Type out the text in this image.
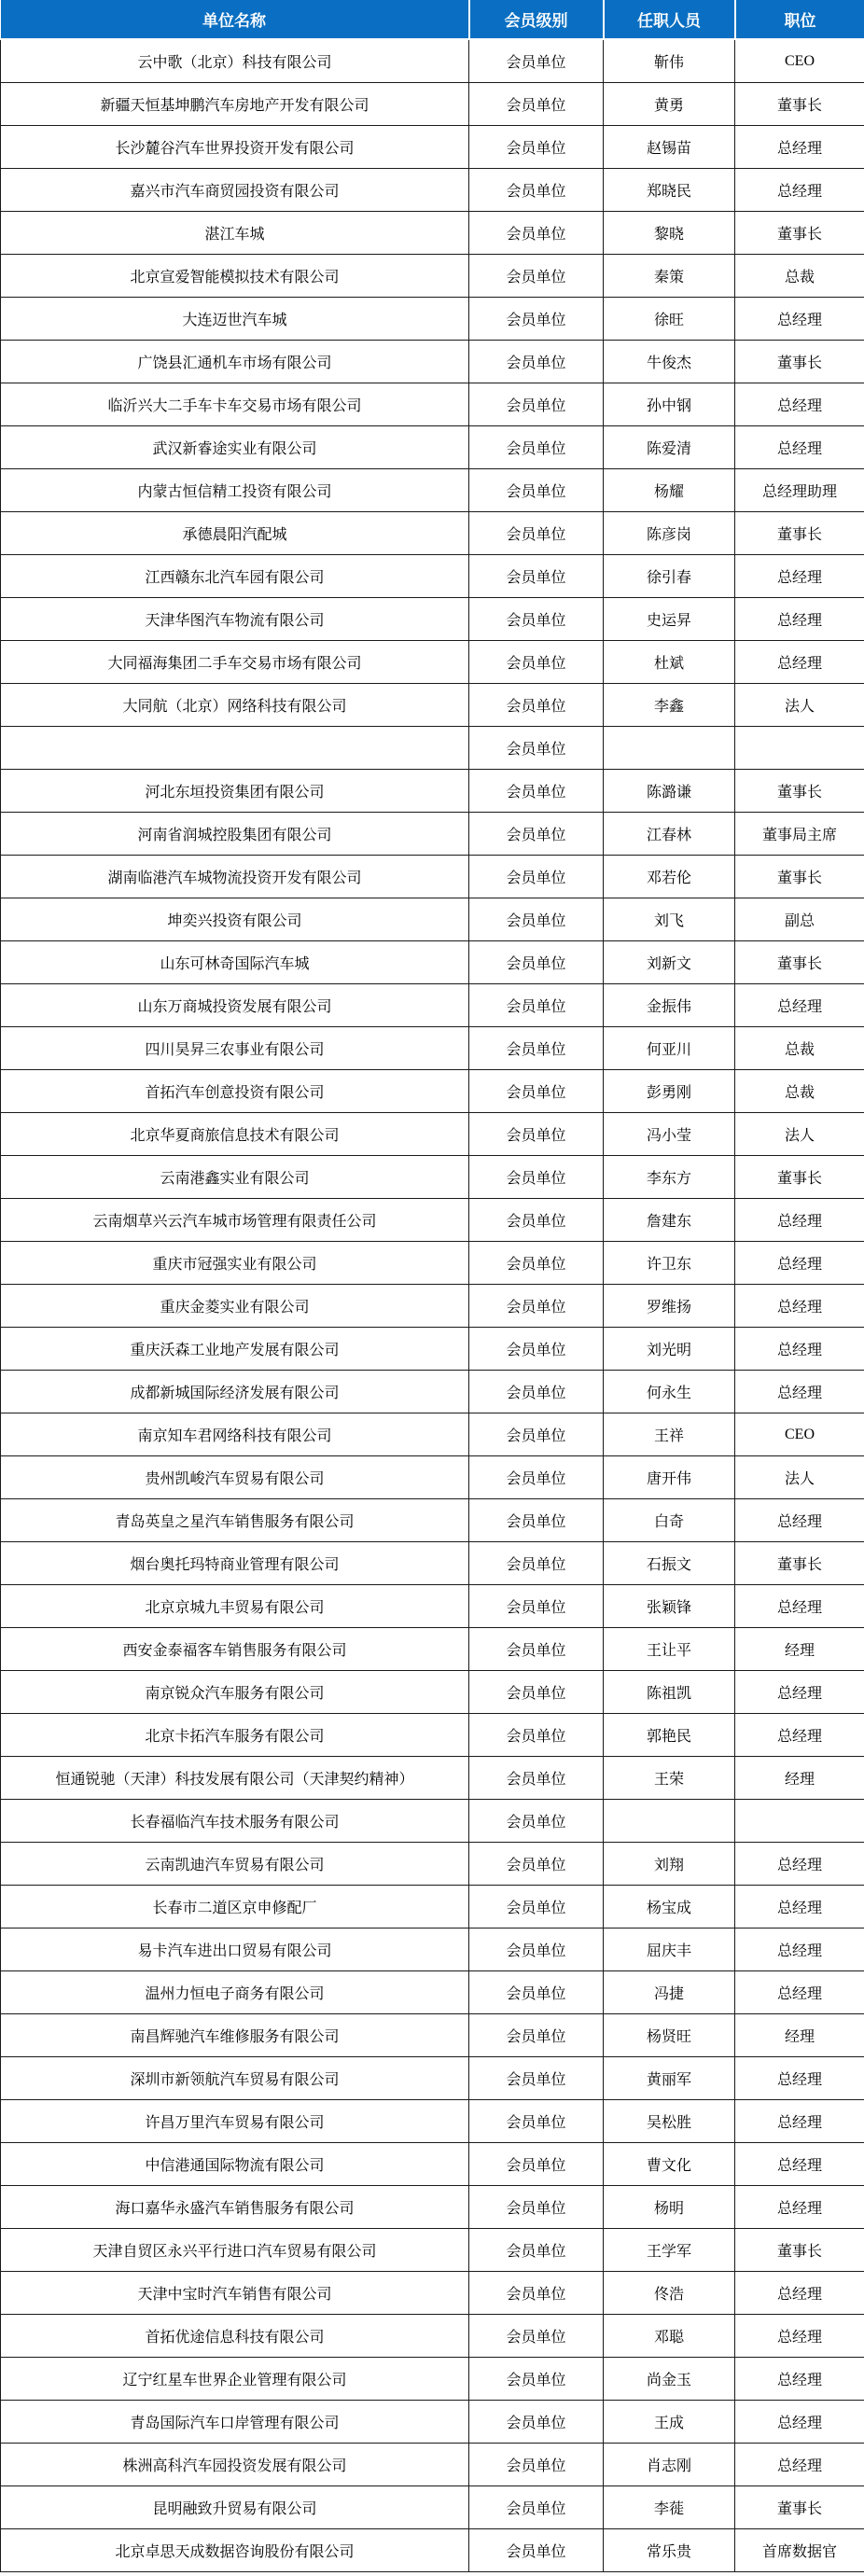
单位名称	会员级别	任职人员	职位
云中歌（北京）科技有限公司	会员单位	靳伟	CEO
新疆天恒基坤鹏汽车房地产开发有限公司	会员单位	黄勇	董事长
长沙麓谷汽车世界投资开发有限公司	会员单位	赵锡苗	总经理
嘉兴市汽车商贸园投资有限公司	会员单位	郑晓民	总经理
湛江车城	会员单位	黎晓	董事长
北京宣爱智能模拟技术有限公司	会员单位	秦策	总裁
大连迈世汽车城	会员单位	徐旺	总经理
广饶县汇通机车市场有限公司	会员单位	牛俊杰	董事长
临沂兴大二手车卡车交易市场有限公司	会员单位	孙中钢	总经理
武汉新睿途实业有限公司	会员单位	陈爱清	总经理
内蒙古恒信精工投资有限公司	会员单位	杨耀	总经理助理
承德晨阳汽配城	会员单位	陈彦岗	董事长
江西赣东北汽车园有限公司	会员单位	徐引春	总经理
天津华图汽车物流有限公司	会员单位	史运昇	总经理
大同福海集团二手车交易市场有限公司	会员单位	杜斌	总经理
大同航（北京）网络科技有限公司	会员单位	李鑫	法人
	会员单位		
河北东垣投资集团有限公司	会员单位	陈潞谦	董事长
河南省润城控股集团有限公司	会员单位	江春林	董事局主席
湖南临港汽车城物流投资开发有限公司	会员单位	邓若伦	董事长
坤奕兴投资有限公司	会员单位	刘飞	副总
山东可林奇国际汽车城	会员单位	刘新文	董事长
山东万商城投资发展有限公司	会员单位	金振伟	总经理
四川昊昇三农事业有限公司	会员单位	何亚川	总裁
首拓汽车创意投资有限公司	会员单位	彭勇刚	总裁
北京华夏商旅信息技术有限公司	会员单位	冯小莹	法人
云南港鑫实业有限公司	会员单位	李东方	董事长
云南烟草兴云汽车城市场管理有限责任公司	会员单位	詹建东	总经理
重庆市冠强实业有限公司	会员单位	许卫东	总经理
重庆金菱实业有限公司	会员单位	罗维扬	总经理
重庆沃森工业地产发展有限公司	会员单位	刘光明	总经理
成都新城国际经济发展有限公司	会员单位	何永生	总经理
南京知车君网络科技有限公司	会员单位	王祥	CEO
贵州凯峻汽车贸易有限公司	会员单位	唐开伟	法人
青岛英皇之星汽车销售服务有限公司	会员单位	白奇	总经理
烟台奥托玛特商业管理有限公司	会员单位	石振文	董事长
北京京城九丰贸易有限公司	会员单位	张颖锋	总经理
西安金泰福客车销售服务有限公司	会员单位	王让平	经理
南京锐众汽车服务有限公司	会员单位	陈祖凯	总经理
北京卡拓汽车服务有限公司	会员单位	郭艳民	总经理
恒通锐驰（天津）科技发展有限公司（天津契约精神）	会员单位	王荣	经理
长春福临汽车技术服务有限公司	会员单位		
云南凯迪汽车贸易有限公司	会员单位	刘翔	总经理
长春市二道区京申修配厂	会员单位	杨宝成	总经理
易卡汽车进出口贸易有限公司	会员单位	屈庆丰	总经理
温州力恒电子商务有限公司	会员单位	冯捷	总经理
南昌辉驰汽车维修服务有限公司	会员单位	杨贤旺	经理
深圳市新领航汽车贸易有限公司	会员单位	黄丽军	总经理
许昌万里汽车贸易有限公司	会员单位	吴松胜	总经理
中信港通国际物流有限公司	会员单位	曹文化	总经理
海口嘉华永盛汽车销售服务有限公司	会员单位	杨明	总经理
天津自贸区永兴平行进口汽车贸易有限公司	会员单位	王学军	董事长
天津中宝时汽车销售有限公司	会员单位	佟浩	总经理
首拓优途信息科技有限公司	会员单位	邓聪	总经理
辽宁红星车世界企业管理有限公司	会员单位	尚金玉	总经理
青岛国际汽车口岸管理有限公司	会员单位	王成	总经理
株洲高科汽车园投资发展有限公司	会员单位	肖志刚	总经理
昆明融致升贸易有限公司	会员单位	李蓰	董事长
北京卓思天成数据咨询股份有限公司	会员单位	常乐贵	首席数据官
